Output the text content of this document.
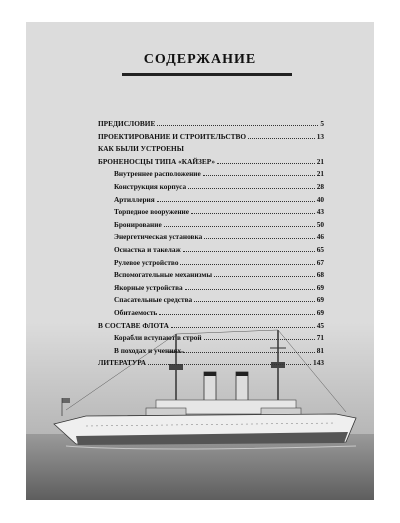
СОДЕРЖАНИЕ
ПРЕДИСЛОВИЕ	5
ПРОЕКТИРОВАНИЕ И СТРОИТЕЛЬСТВО	13
КАК БЫЛИ УСТРОЕНЫ
БРОНЕНОСЦЫ ТИПА «КАЙЗЕР»	21
Внутреннее расположение	21
Конструкция корпуса	28
Артиллерия	40
Торпедное вооружение	43
Бронирование	50
Энергетическая установка	46
Оснастка и такелаж	65
Рулевое устройство	67
Вспомогательные механизмы	68
Якорные устройства	69
Спасательные средства	69
Обитаемость	69
В СОСТАВЕ ФЛОТА	45
Корабли вступают в строй	71
В походах и учениях	81
ЛИТЕРАТУРА	143
